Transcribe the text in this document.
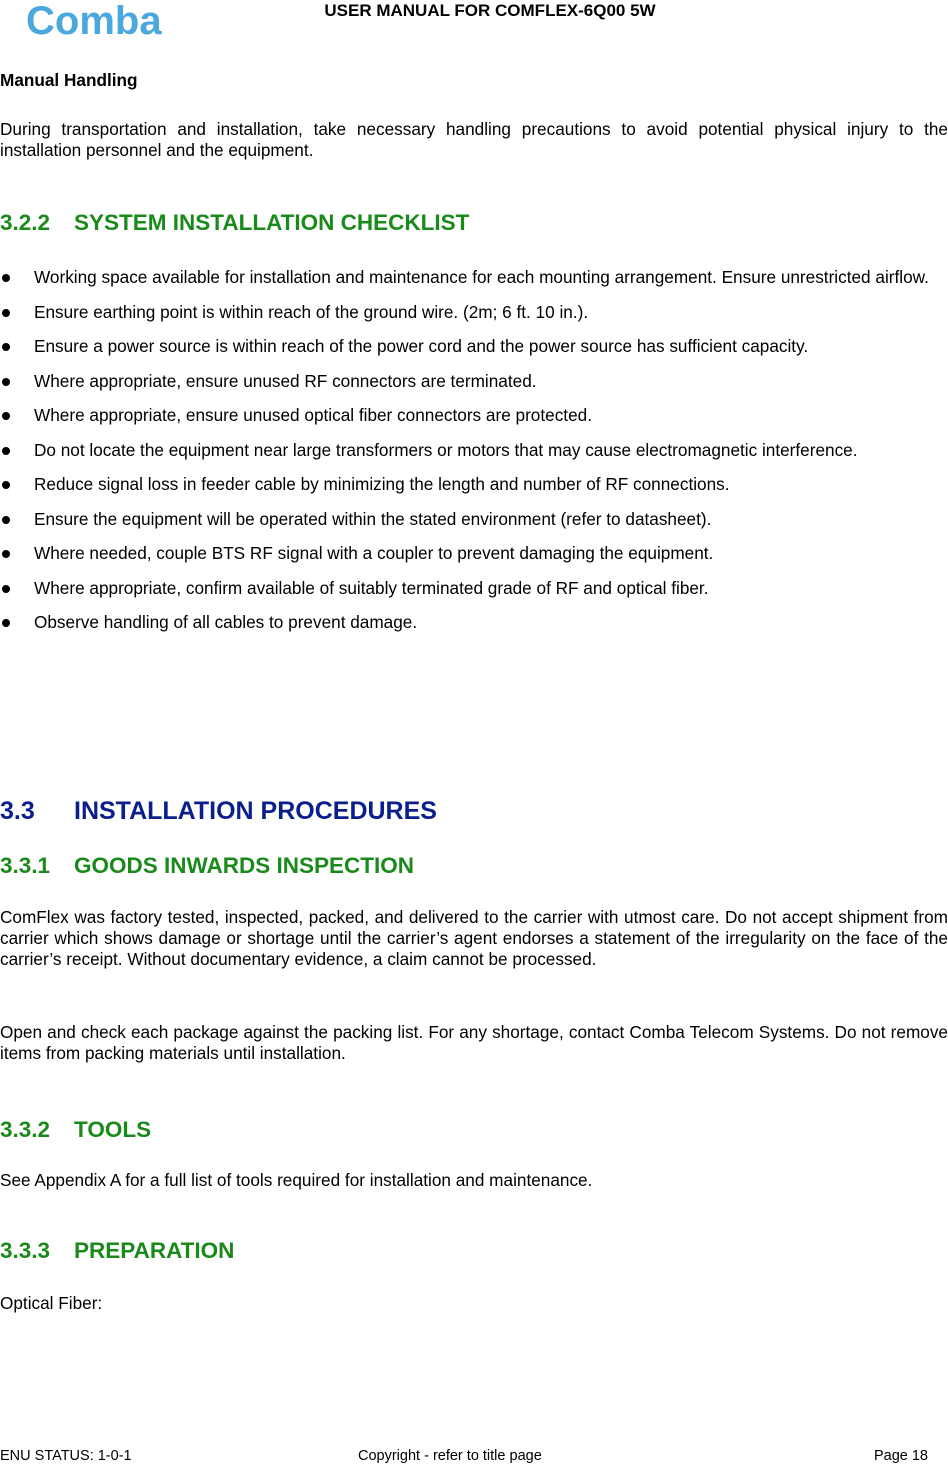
Comba	USER MANUAL FOR COMFLEX-6Q00 5W
Manual Handling

During transportation and installation, take necessary handling precautions to avoid potential physical injury to the installation personnel and the equipment.

3.2.2 SYSTEM INSTALLATION CHECKLIST
Working space available for installation and maintenance for each mounting arrangement. Ensure unrestricted airflow.
Ensure earthing point is within reach of the ground wire. (2m; 6 ft. 10 in.).
Ensure a power source is within reach of the power cord and the power source has sufficient capacity.
Where appropriate, ensure unused RF connectors are terminated.
Where appropriate, ensure unused optical fiber connectors are protected.
Do not locate the equipment near large transformers or motors that may cause electromagnetic interference.
Reduce signal loss in feeder cable by minimizing the length and number of RF connections.
Ensure the equipment will be operated within the stated environment (refer to datasheet).
Where needed, couple BTS RF signal with a coupler to prevent damaging the equipment.
Where appropriate, confirm available of suitably terminated grade of RF and optical fiber.
Observe handling of all cables to prevent damage.
3.3 INSTALLATION PROCEDURES
3.3.1 GOODS INWARDS INSPECTION

ComFlex was factory tested, inspected, packed, and delivered to the carrier with utmost care. Do not accept shipment from carrier which shows damage or shortage until the carrier’s agent endorses a statement of the irregularity on the face of the carrier’s receipt. Without documentary evidence, a claim cannot be processed.

Open and check each package against the packing list. For any shortage, contact Comba Telecom Systems. Do not remove items from packing materials until installation.

3.3.2 TOOLS

See Appendix A for a full list of tools required for installation and maintenance.

3.3.3 PREPARATION

Optical Fiber:

ENU STATUS: 1-0-1	Copyright - refer to title page	Page 18
